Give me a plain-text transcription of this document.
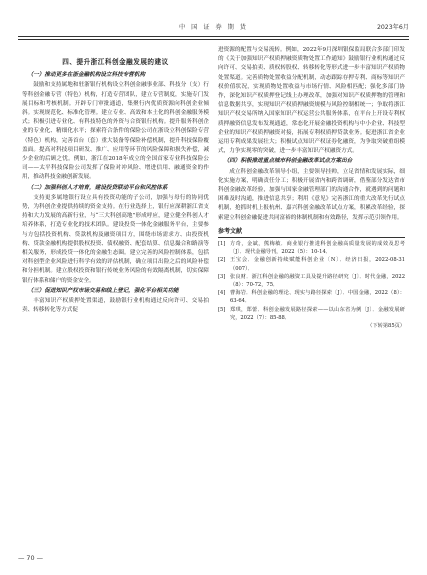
中 国 证 券 期 货	2023年6月
四、提升浙江科创金融发展的建议
（一）推动更多在浙金融机构设立科技专营机构

鼓励和支持属地和驻浙银行机构设立科创金融事业部、科技分（支）行等科创金融专营（特色）机构，打造专营团队，建立专营制度，实施专门发展目标和考核机制。开辟专门审批通道，集聚行内优质资源向科创企业倾斜。实现规范化、标准化管理。建立专业、高效和本土化的科创金融服务模式；积极引进专业化、有科技特色的外资与合资银行机构。提升服务科创企业的专业化、精细化水平；探索符合条件的保险公司在浙设立科创保险专营（特色）机构，完善首台（套）重大装备等保险补偿机制，提升科技保险覆盖面。提高对科技项目研发、推广、应用等环节的风险保障和损失补偿，减少企业的后顾之忧。例如，浙江在2018年成立的全国首家专业科技保险公司——太平科技保险公司发挥了保险对冲风险、增进信用、融通资金的作用，推动科技金融创新发展。

（二）加强科创人才培育，建设投贷联动平台和风控体系

支持更多属地银行设立具有投资功能的子公司，加强与母行的协同优势，为科创企业提供持续的资金支持。在行业选择上，银行应深耕浙江省支持和大力发展的高新行业，与“三大科创高地”形成呼应，建立健全科创人才培养体系，打造专业化的技术团队。建设投贷一体化金融服务平台，主要参与方包括投资机构、贷款机构及融资项目方，围绕市场需求方、由投资机构、贷款金融机构提供股权投资、债权融资、配套结算、信息撮合和路演等相关服务，形成投贷一体化的金融生态圈。建立完善的风险控制体系，包括对科创型企业风险进行科学有效的评估机制，确立项目出险之后的风险补偿和分担机制。建立股权投资和银行传统业务风险的有效隔离机制，切实保障银行体系和储户的资金安全。

（三）促进知识产权市场交易和线上登记，强化平台相关功能

丰富知识产权质押处置渠道，鼓励银行业机构通过反向许可、交易拍卖、转移转化等方式促

进资源的配置与交易流转。例如，2022年9月深圳银保监局联合多部门印发的《关于加强知识产权质押融资质物处置工作通知》鼓励银行业机构通过反向许可、交易拍卖、质权转股权、转移转化等形式进一步丰富知识产权质物处置渠道。完善质物处置收益分配机制，动态跟踪存押专利、商标等知识产权价值状况，实现质物处置收益与市场行情、风险相匹配；强化多部门协作，深化知识产权质押登记线上办理改革，加强对知识产权质押物的管理和信息数据共享，实现知识产权质押融资规模与风险控制相统一；争取将浙江知识产权交易所纳入国家知识产权运营公共服务体系，在平台上开设专利权质押融资信息发布发现通道，常态化开展金融投资机构与中小企业、科技型企业的知识产权质押融资对接，拓展专利权质押贷款业务。促进浙江省企业运用专利成果发展壮大；积极试点知识产权证券化融资，为争取突破重组模式，力争实现零的突破，进一步丰富知识产权融资方式。

（四）积极推进重点城市科创金融改革试点方案出台

成立科创金融改革领导小组，主要领导挂帅，立足省情和发展实际，细化实施方案，明确责任分工；积极开展省内和跨省调研，借鉴部分发达省市科创金融改革经验，加强与国家金融管理部门的沟通合作，就遇到的问题和困难及时沟通，推进信息共享；利用《意见》完善浙江的重大改革先行试点机制，抢抓时机上报杭州、嘉兴科创金融改革试点方案，积累改革经验，探索建立科创金融促进共同富裕的体制机制和有效路径，发挥示范引领作用。

参考文献
[1] 方奇，金斌，熊梅敏．商业银行推进科创金融高质量发展的成效及思考〔J〕．现代金融导刊，2022（5）：10-14．
[2] 王宝会．金融创新持续赋能科创企业〔N〕．经济日报，2022-08-31（007）．
[3] 张良财．浙江科创金融的融资工具及提升路径研究〔J〕．时代金融，2022（8）：70-72，75．
[4] 曹海岩．科创金融的理论、现实与路径探索〔J〕．中国金融，2022（8）：63-64．
[5] 郑琪，郑蕾．科创金融发展路径探索——以山东省为例〔J〕．金融发展研究，2022（7）：85-88．
（下转第85页）
— 70 —
